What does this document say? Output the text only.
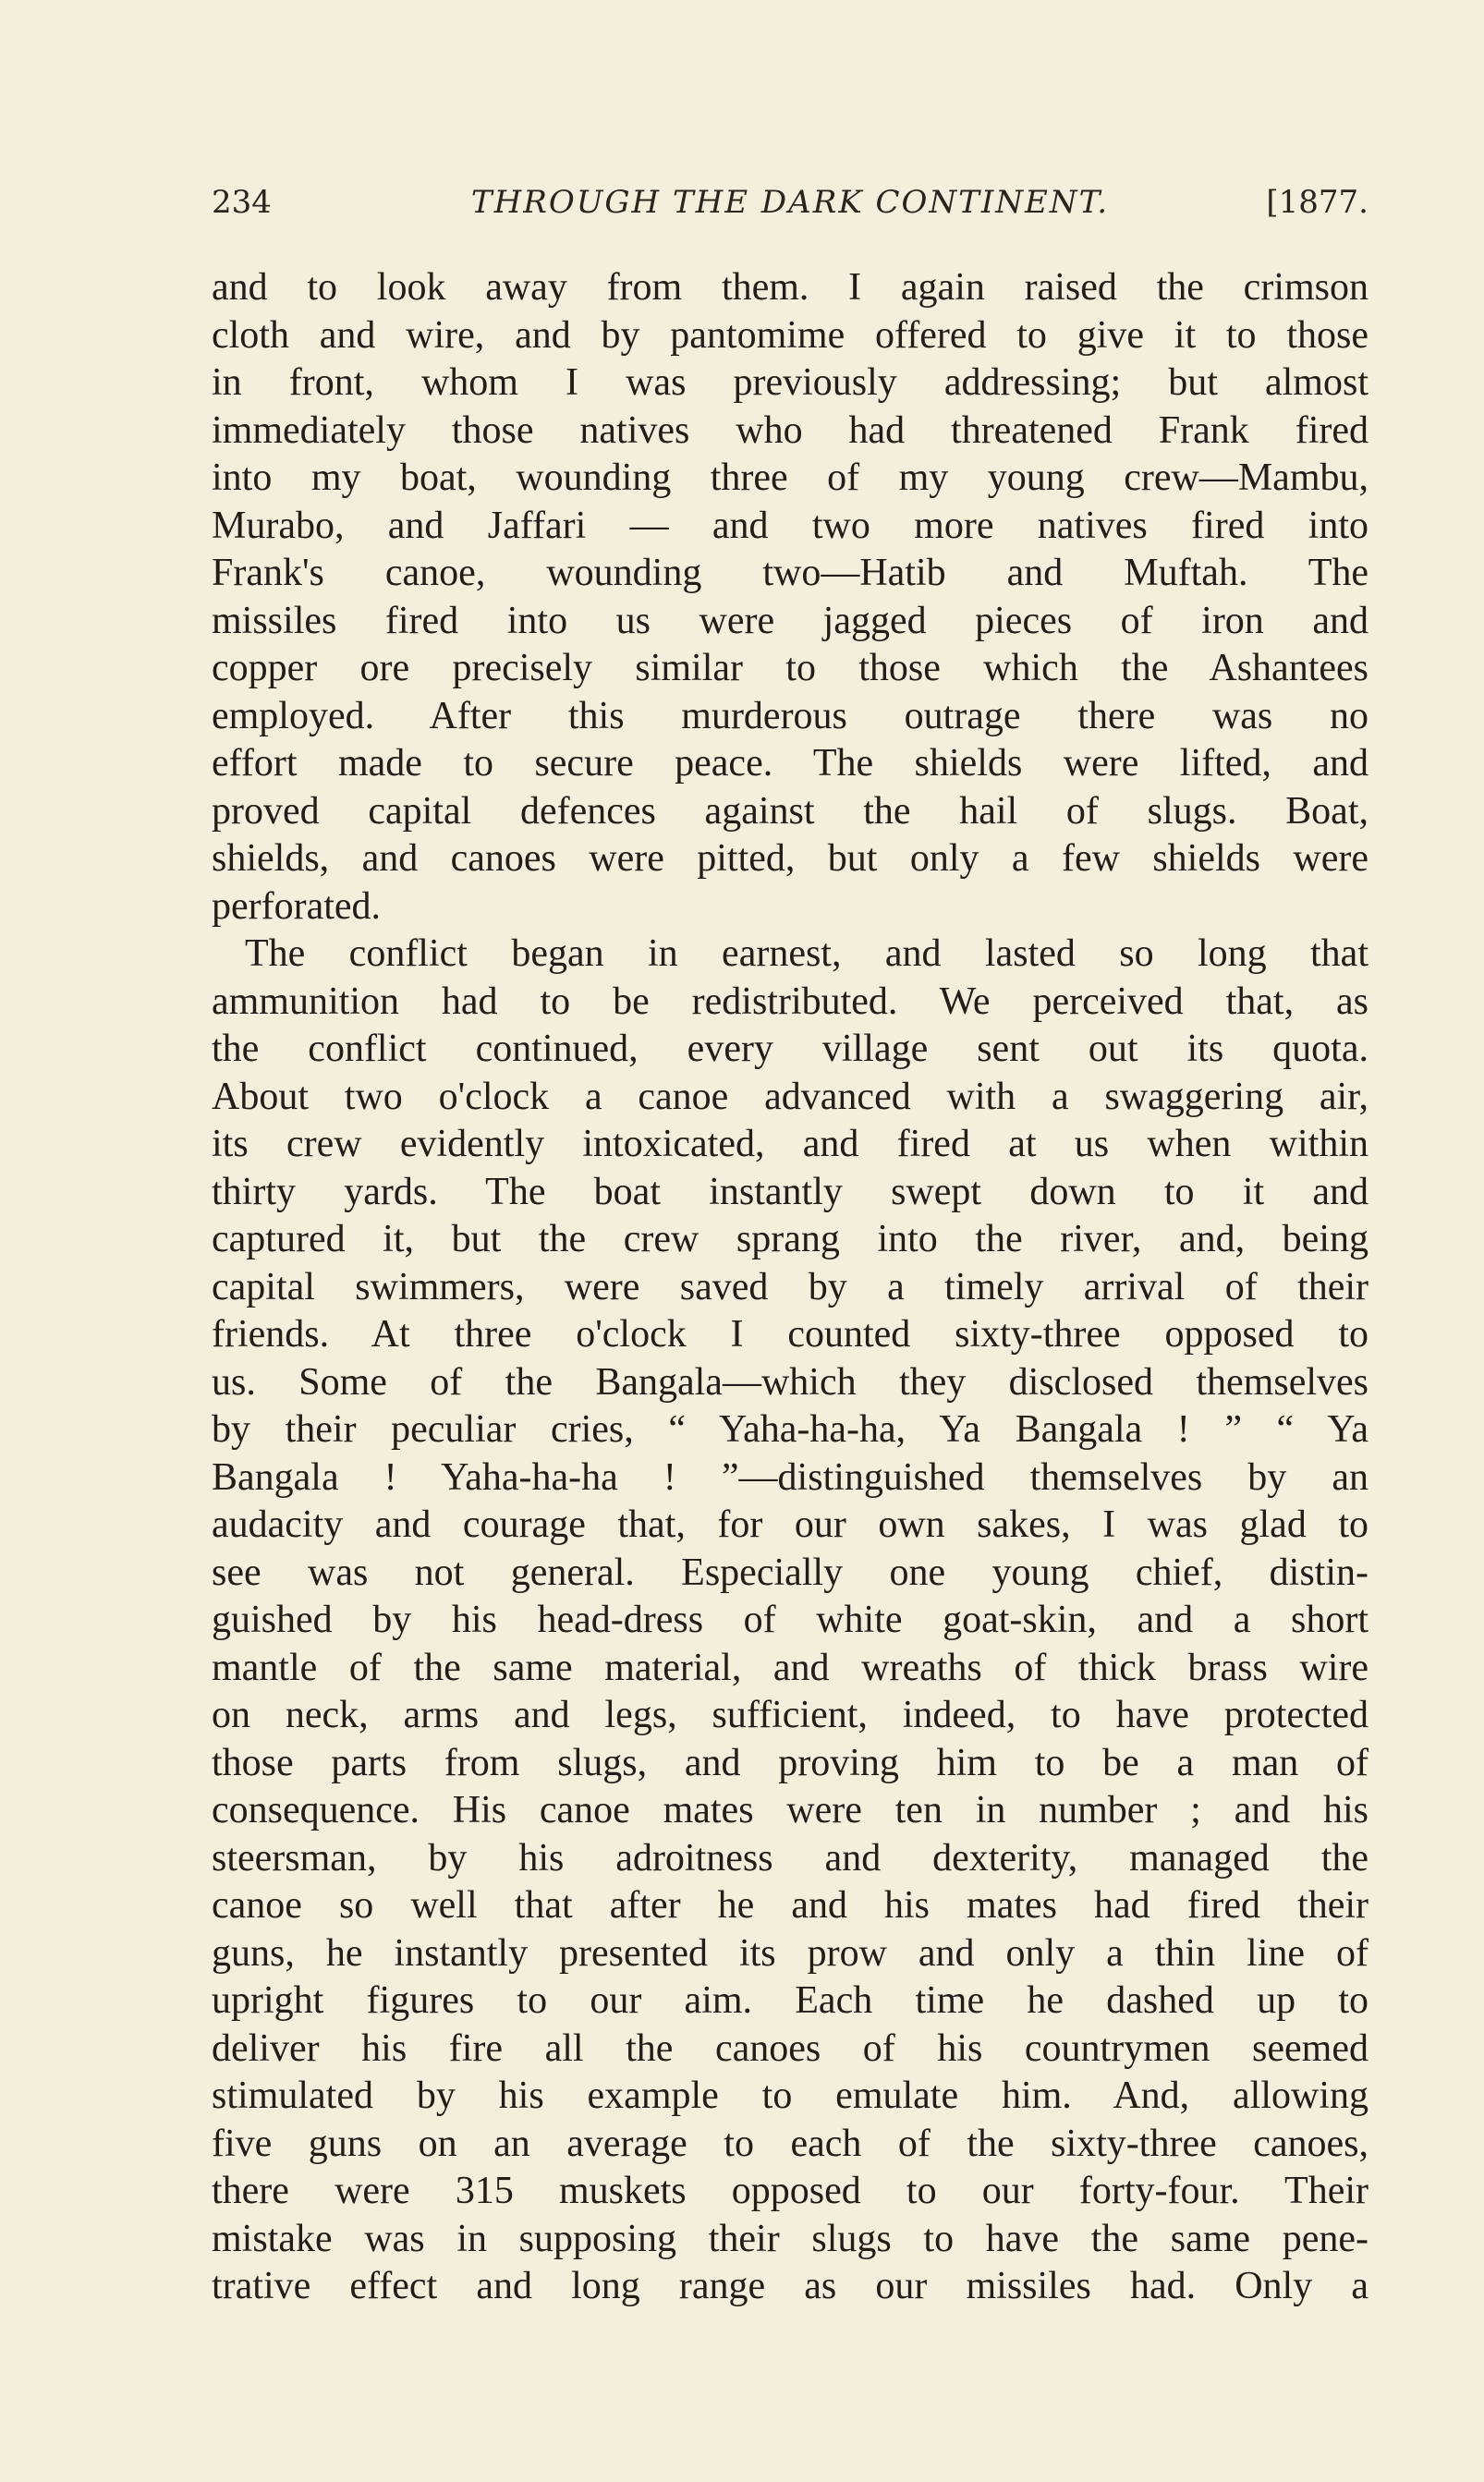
234	THROUGH THE DARK CONTINENT.	[1877.
and to look away from them. I again raised the crimson
cloth and wire, and by pantomime offered to give it to those
in front, whom I was previously addressing; but almost
immediately those natives who had threatened Frank fired
into my boat, wounding three of my young crew—Mambu,
Murabo, and Jaffari — and two more natives fired into
Frank's canoe, wounding two—Hatib and Muftah. The
missiles fired into us were jagged pieces of iron and
copper ore precisely similar to those which the Ashantees
employed. After this murderous outrage there was no
effort made to secure peace. The shields were lifted, and
proved capital defences against the hail of slugs. Boat,
shields, and canoes were pitted, but only a few shields were
perforated.
The conflict began in earnest, and lasted so long that
ammunition had to be redistributed. We perceived that, as
the conflict continued, every village sent out its quota.
About two o'clock a canoe advanced with a swaggering air,
its crew evidently intoxicated, and fired at us when within
thirty yards. The boat instantly swept down to it and
captured it, but the crew sprang into the river, and, being
capital swimmers, were saved by a timely arrival of their
friends. At three o'clock I counted sixty-three opposed to
us. Some of the Bangala—which they disclosed themselves
by their peculiar cries, “ Yaha-ha-ha, Ya Bangala ! ” “ Ya
Bangala ! Yaha-ha-ha ! ”—distinguished themselves by an
audacity and courage that, for our own sakes, I was glad to
see was not general. Especially one young chief, distin-
guished by his head-dress of white goat-skin, and a short
mantle of the same material, and wreaths of thick brass wire
on neck, arms and legs, sufficient, indeed, to have protected
those parts from slugs, and proving him to be a man of
consequence. His canoe mates were ten in number ; and his
steersman, by his adroitness and dexterity, managed the
canoe so well that after he and his mates had fired their
guns, he instantly presented its prow and only a thin line of
upright figures to our aim. Each time he dashed up to
deliver his fire all the canoes of his countrymen seemed
stimulated by his example to emulate him. And, allowing
five guns on an average to each of the sixty-three canoes,
there were 315 muskets opposed to our forty-four. Their
mistake was in supposing their slugs to have the same pene-
trative effect and long range as our missiles had. Only a
